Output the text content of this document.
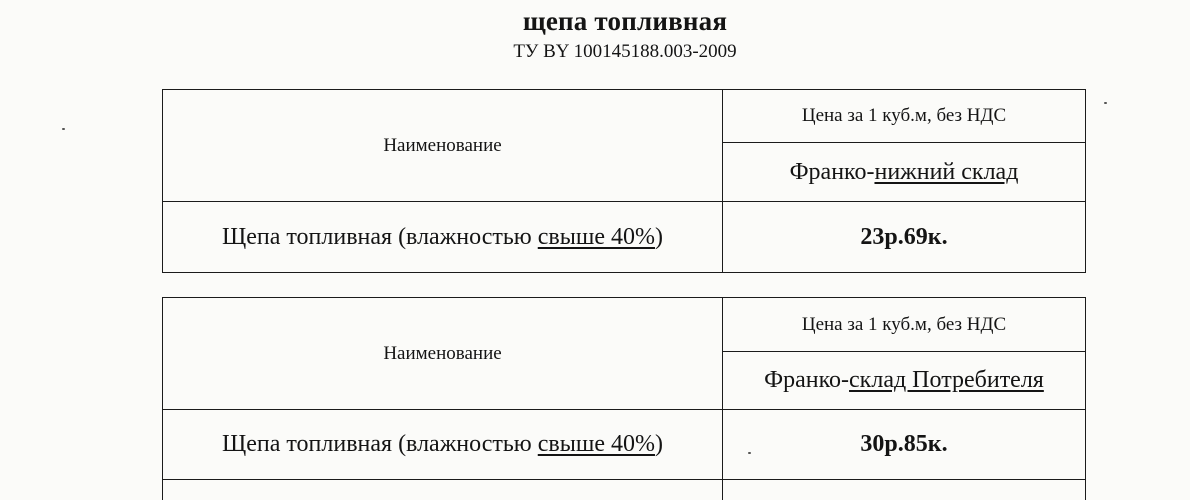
щепа топливная
ТУ BY 100145188.003-2009
Наименование
Цена за 1 куб.м, без НДС
Франко- нижний склад
Щепа топливная (влажностью свыше 40% )	23р.69к.
Наименование
Цена за 1 куб.м, без НДС
Франко- склад Потребителя
Щепа топливная (влажностью свыше 40% )	30р.85к.
